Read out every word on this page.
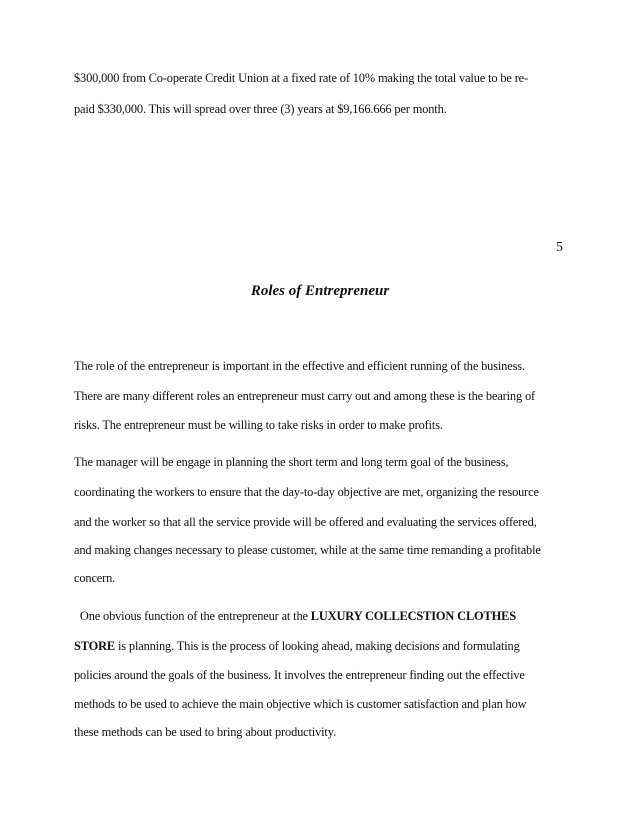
$300,000 from Co-operate Credit Union at a fixed rate of 10% making the total value to be re-
paid $330,000. This will spread over three (3) years at $9,166.666 per month.
5
Roles of Entrepreneur
The role of the entrepreneur is important in the effective and efficient running of the business.
There are many different roles an entrepreneur must carry out and among these is the bearing of
risks. The entrepreneur must be willing to take risks in order to make profits.
The manager will be engage in planning the short term and long term goal of the business,
coordinating the workers to ensure that the day-to-day objective are met, organizing the resource
and the worker so that all the service provide will be offered and evaluating the services offered,
and making changes necessary to please customer, while at the same time remanding a profitable
concern.
One obvious function of the entrepreneur at the LUXURY COLLECSTION CLOTHES
STORE is planning. This is the process of looking ahead, making decisions and formulating
policies around the goals of the business. It involves the entrepreneur finding out the effective
methods to be used to achieve the main objective which is customer satisfaction and plan how
these methods can be used to bring about productivity.
